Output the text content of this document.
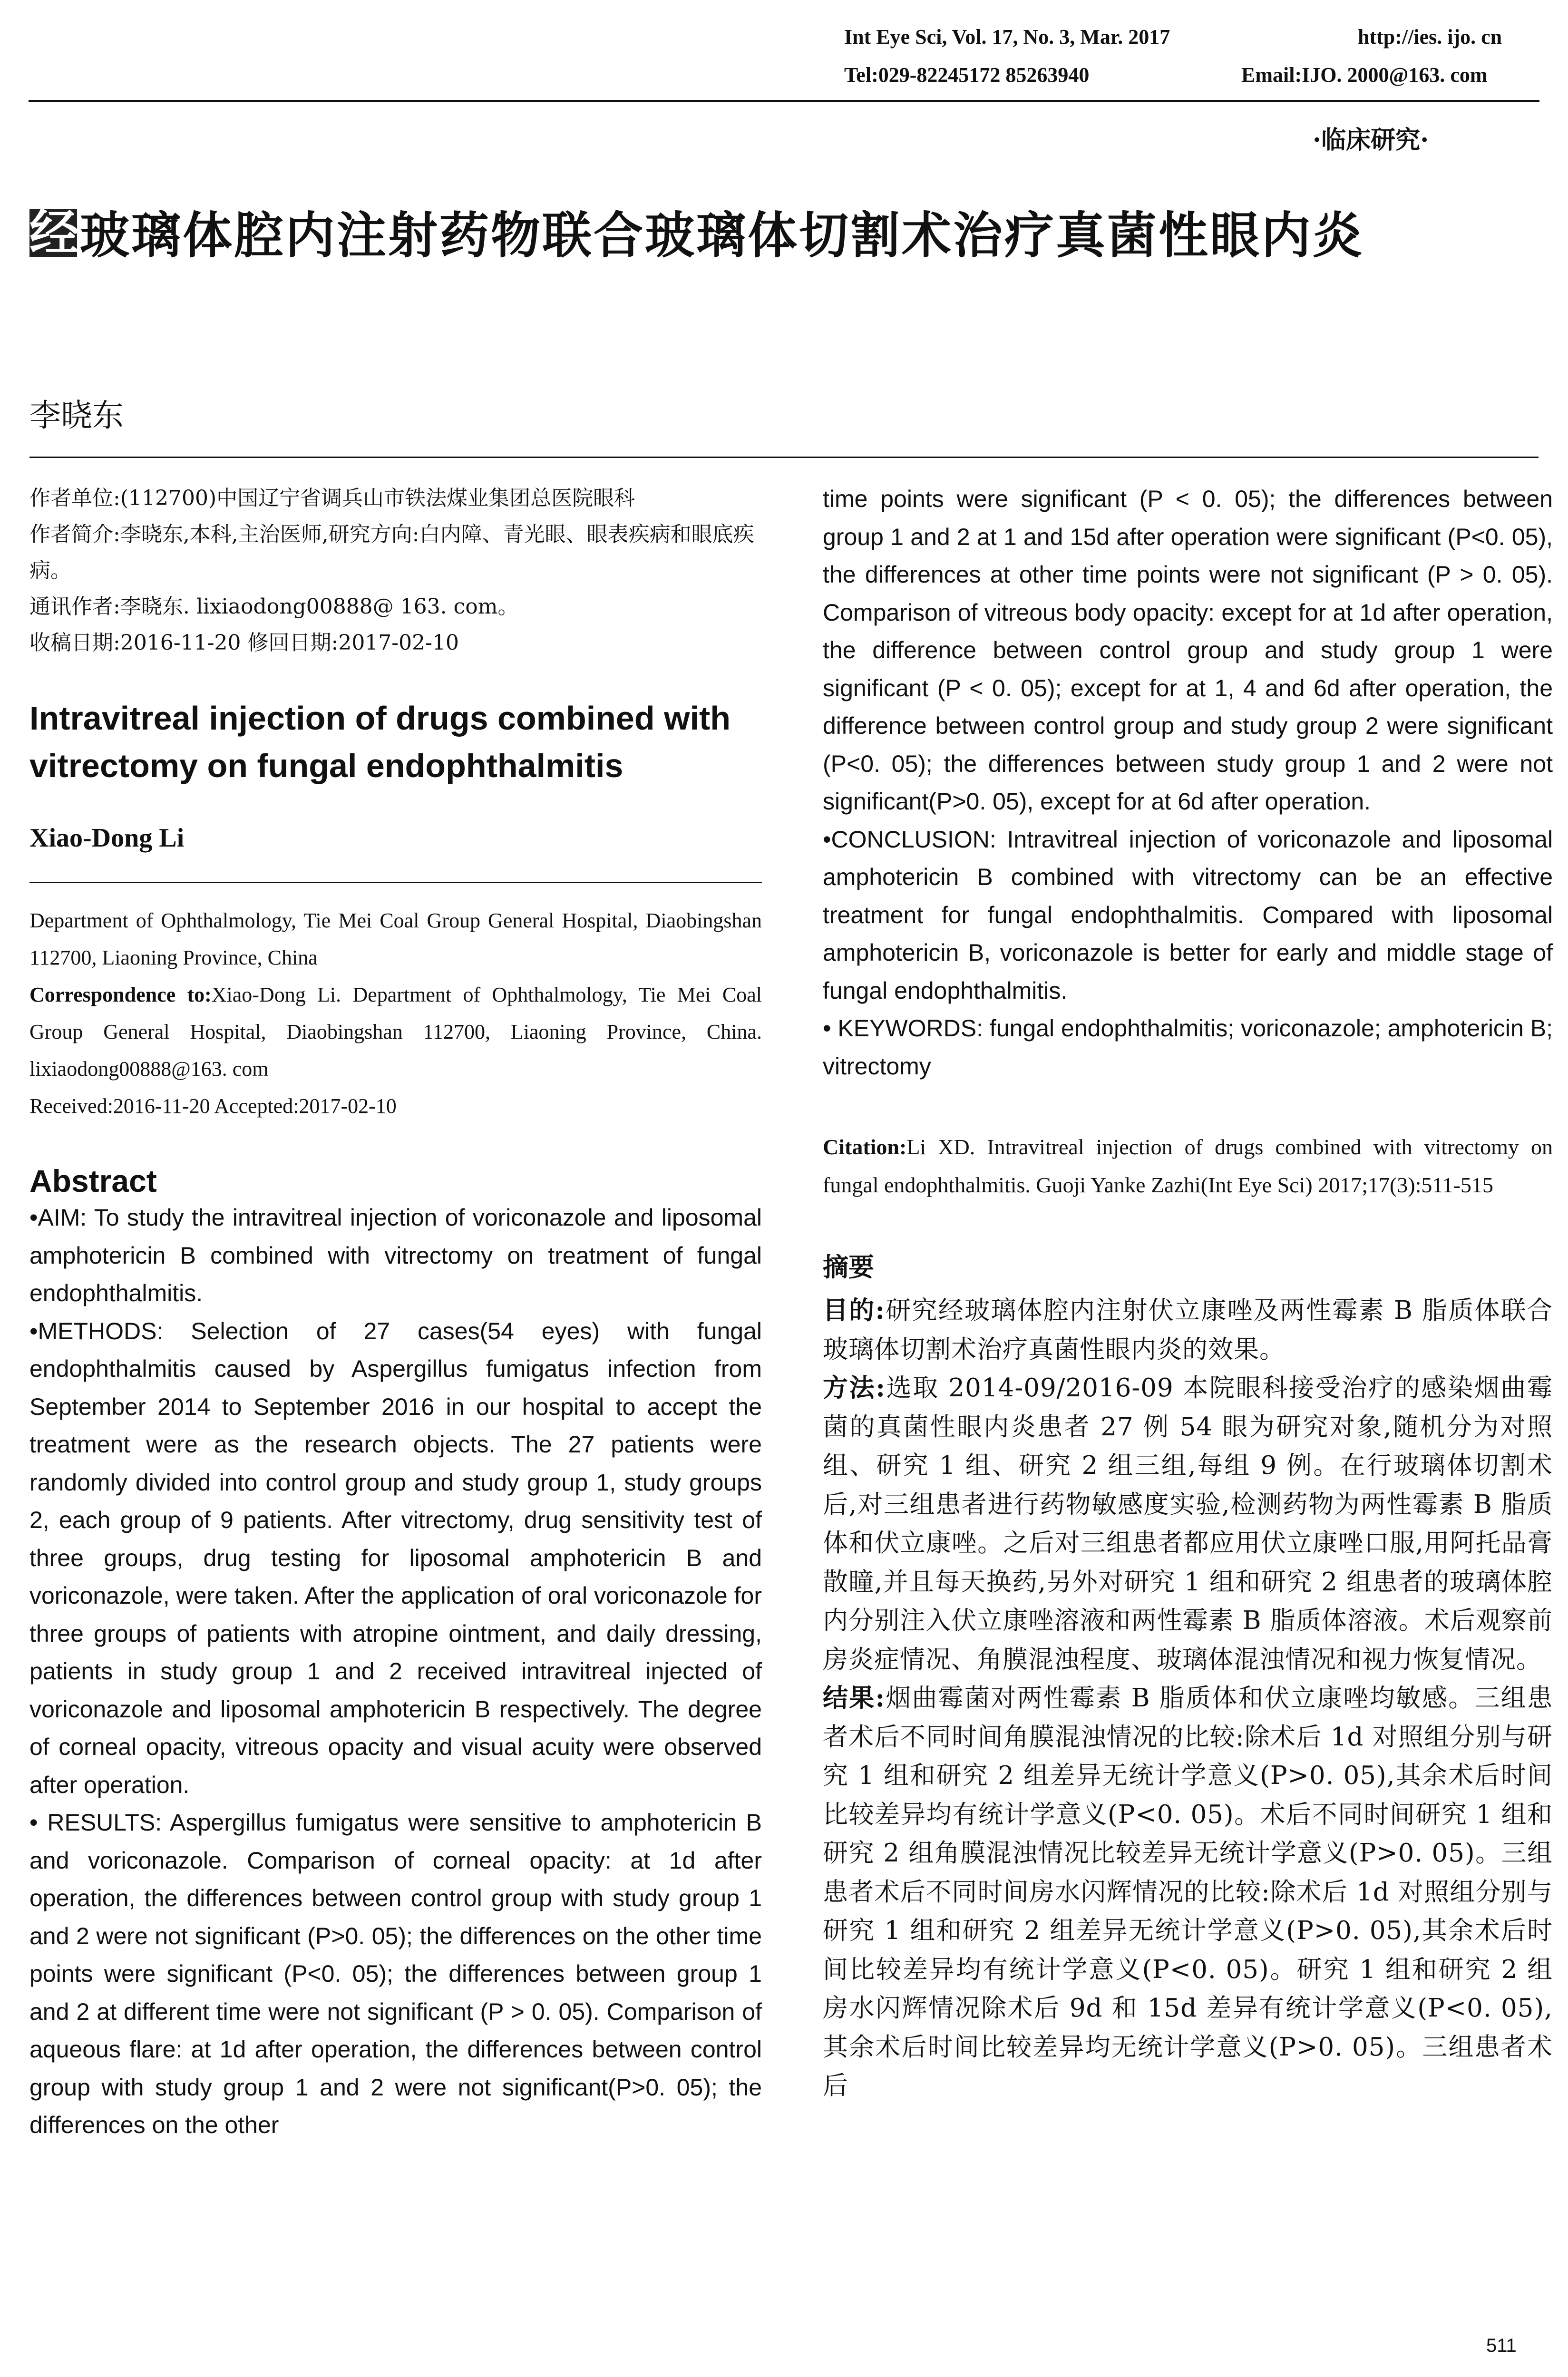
Int Eye Sci, Vol. 17, No. 3, Mar. 2017	http://ies. ijo. cn
Tel:029-82245172 85263940	Email:IJO. 2000@163. com
·临床研究·
经玻璃体腔内注射药物联合玻璃体切割术治疗真菌性眼内炎
李晓东
作者单位:(112700)中国辽宁省调兵山市铁法煤业集团总医院眼科
作者简介:李晓东,本科,主治医师,研究方向:白内障、青光眼、眼表疾病和眼底疾病。
通讯作者:李晓东. lixiaodong00888@ 163. com。
收稿日期:2016-11-20 修回日期:2017-02-10
Intravitreal injection of drugs combined with vitrectomy on fungal endophthalmitis
Xiao-Dong Li
Department of Ophthalmology, Tie Mei Coal Group General Hospital, Diaobingshan 112700, Liaoning Province, China
Correspondence to:Xiao-Dong Li. Department of Ophthalmology, Tie Mei Coal Group General Hospital, Diaobingshan 112700, Liaoning Province, China. lixiaodong00888@163. com
Received:2016-11-20 Accepted:2017-02-10
Abstract

•AIM: To study the intravitreal injection of voriconazole and liposomal amphotericin B combined with vitrectomy on treatment of fungal endophthalmitis.

•METHODS: Selection of 27 cases(54 eyes) with fungal endophthalmitis caused by Aspergillus fumigatus infection from September 2014 to September 2016 in our hospital to accept the treatment were as the research objects. The 27 patients were randomly divided into control group and study group 1, study groups 2, each group of 9 patients. After vitrectomy, drug sensitivity test of three groups, drug testing for liposomal amphotericin B and voriconazole, were taken. After the application of oral voriconazole for three groups of patients with atropine ointment, and daily dressing, patients in study group 1 and 2 received intravitreal injected of voriconazole and liposomal amphotericin B respectively. The degree of corneal opacity, vitreous opacity and visual acuity were observed after operation.

• RESULTS: Aspergillus fumigatus were sensitive to amphotericin B and voriconazole. Comparison of corneal opacity: at 1d after operation, the differences between control group with study group 1 and 2 were not significant (P>0. 05); the differences on the other time points were significant (P<0. 05); the differences between group 1 and 2 at different time were not significant (P > 0. 05). Comparison of aqueous flare: at 1d after operation, the differences between control group with study group 1 and 2 were not significant(P>0. 05); the differences on the other

time points were significant (P < 0. 05); the differences between group 1 and 2 at 1 and 15d after operation were significant (P<0. 05), the differences at other time points were not significant (P > 0. 05). Comparison of vitreous body opacity: except for at 1d after operation, the difference between control group and study group 1 were significant (P < 0. 05); except for at 1, 4 and 6d after operation, the difference between control group and study group 2 were significant (P<0. 05); the differences between study group 1 and 2 were not significant(P>0. 05), except for at 6d after operation.

•CONCLUSION: Intravitreal injection of voriconazole and liposomal amphotericin B combined with vitrectomy can be an effective treatment for fungal endophthalmitis. Compared with liposomal amphotericin B, voriconazole is better for early and middle stage of fungal endophthalmitis.

• KEYWORDS: fungal endophthalmitis; voriconazole; amphotericin B; vitrectomy

Citation:Li XD. Intravitreal injection of drugs combined with vitrectomy on fungal endophthalmitis. Guoji Yanke Zazhi(Int Eye Sci) 2017;17(3):511-515
摘要

目的:研究经玻璃体腔内注射伏立康唑及两性霉素 B 脂质体联合玻璃体切割术治疗真菌性眼内炎的效果。

方法:选取 2014-09/2016-09 本院眼科接受治疗的感染烟曲霉菌的真菌性眼内炎患者 27 例 54 眼为研究对象,随机分为对照组、研究 1 组、研究 2 组三组,每组 9 例。在行玻璃体切割术后,对三组患者进行药物敏感度实验,检测药物为两性霉素 B 脂质体和伏立康唑。之后对三组患者都应用伏立康唑口服,用阿托品膏散瞳,并且每天换药,另外对研究 1 组和研究 2 组患者的玻璃体腔内分别注入伏立康唑溶液和两性霉素 B 脂质体溶液。术后观察前房炎症情况、角膜混浊程度、玻璃体混浊情况和视力恢复情况。

结果:烟曲霉菌对两性霉素 B 脂质体和伏立康唑均敏感。三组患者术后不同时间角膜混浊情况的比较:除术后 1d 对照组分别与研究 1 组和研究 2 组差异无统计学意义(P>0. 05),其余术后时间比较差异均有统计学意义(P<0. 05)。术后不同时间研究 1 组和研究 2 组角膜混浊情况比较差异无统计学意义(P>0. 05)。三组患者术后不同时间房水闪辉情况的比较:除术后 1d 对照组分别与研究 1 组和研究 2 组差异无统计学意义(P>0. 05),其余术后时间比较差异均有统计学意义(P<0. 05)。研究 1 组和研究 2 组房水闪辉情况除术后 9d 和 15d 差异有统计学意义(P<0. 05),其余术后时间比较差异均无统计学意义(P>0. 05)。三组患者术后

511
